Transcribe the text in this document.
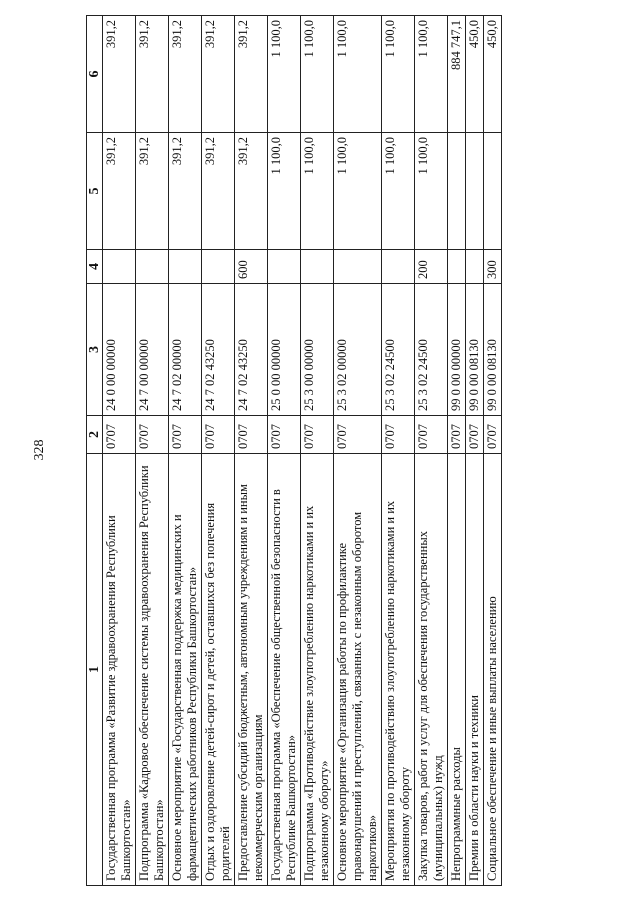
328
1	2	3	4	5	6
Государственная программа «Развитие здравоохранения Республики Башкортостан»	0707	24 0 00 00000		391,2	391,2
Подпрограмма «Кадровое обеспечение системы здравоохранения Республики Башкортостан»	0707	24 7 00 00000		391,2	391,2
Основное мероприятие «Государственная поддержка медицинских и фармацевтических работников Республики Башкортостан»	0707	24 7 02 00000		391,2	391,2
Отдых и оздоровление детей-сирот и детей, оставшихся без попечения родителей	0707	24 7 02 43250		391,2	391,2
Предоставление субсидий бюджетным, автономным учреждениям и иным некоммерческим организациям	0707	24 7 02 43250	600	391,2	391,2
Государственная программа «Обеспечение общественной безопасности в Республике Башкортостан»	0707	25 0 00 00000		1 100,0	1 100,0
Подпрограмма «Противодействие злоупотреблению наркотиками и их незаконному обороту»	0707	25 3 00 00000		1 100,0	1 100,0
Основное мероприятие «Организация работы по профилактике правонарушений и преступлений, связанных с незаконным оборотом наркотиков»	0707	25 3 02 00000		1 100,0	1 100,0
Мероприятия по противодействию злоупотреблению наркотиками и их незаконному обороту	0707	25 3 02 24500		1 100,0	1 100,0
Закупка товаров, работ и услуг для обеспечения государственных (муниципальных) нужд	0707	25 3 02 24500	200	1 100,0	1 100,0
Непрограммные расходы	0707	99 0 00 00000			884 747,1
Премии в области науки и техники	0707	99 0 00 08130			450,0
Социальное обеспечение и иные выплаты населению	0707	99 0 00 08130	300		450,0
